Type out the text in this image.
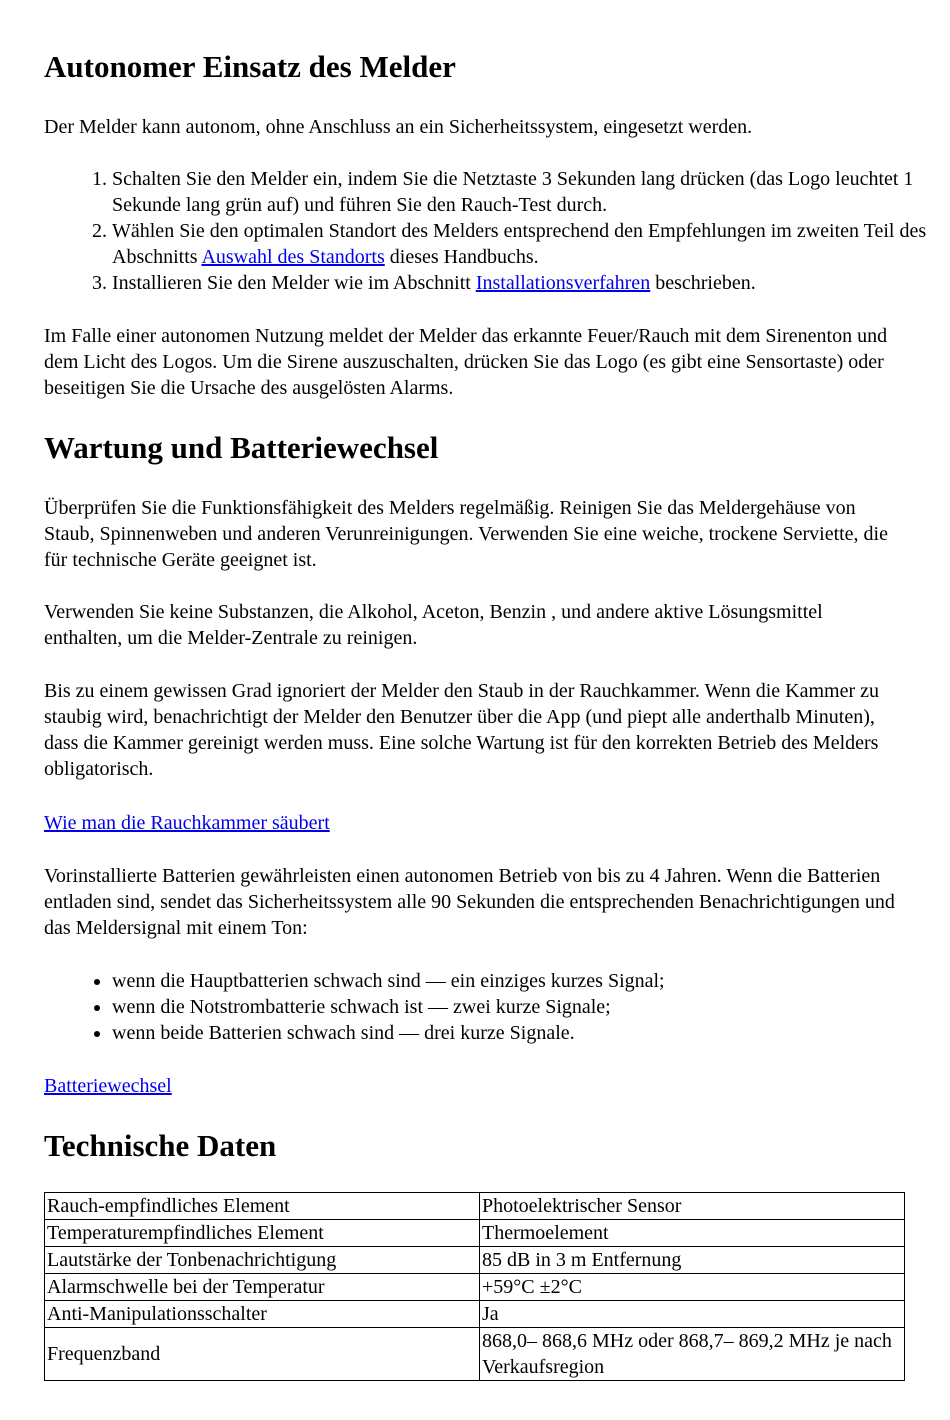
Autonomer Einsatz des Melder

Der Melder kann autonom, ohne Anschluss an ein Sicherheitssystem, eingesetzt werden.

1. Schalten Sie den Melder ein, indem Sie die Netztaste 3 Sekunden lang drücken (das Logo leuchtet 1 Sekunde lang grün auf) und führen Sie den Rauch-Test durch.
2. Wählen Sie den optimalen Standort des Melders entsprechend den Empfehlungen im zweiten Teil des Abschnitts Auswahl des Standorts dieses Handbuchs.
3. Installieren Sie den Melder wie im Abschnitt Installationsverfahren beschrieben.

Im Falle einer autonomen Nutzung meldet der Melder das erkannte Feuer/Rauch mit dem Sirenenton und dem Licht des Logos. Um die Sirene auszuschalten, drücken Sie das Logo (es gibt eine Sensortaste) oder beseitigen Sie die Ursache des ausgelösten Alarms.

Wartung und Batteriewechsel

Überprüfen Sie die Funktionsfähigkeit des Melders regelmäßig. Reinigen Sie das Meldergehäuse von Staub, Spinnenweben und anderen Verunreinigungen. Verwenden Sie eine weiche, trockene Serviette, die für technische Geräte geeignet ist.

Verwenden Sie keine Substanzen, die Alkohol, Aceton, Benzin , und andere aktive Lösungsmittel enthalten, um die Melder-Zentrale zu reinigen.

Bis zu einem gewissen Grad ignoriert der Melder den Staub in der Rauchkammer. Wenn die Kammer zu staubig wird, benachrichtigt der Melder den Benutzer über die App (und piept alle anderthalb Minuten), dass die Kammer gereinigt werden muss. Eine solche Wartung ist für den korrekten Betrieb des Melders obligatorisch.

Wie man die Rauchkammer säubert

Vorinstallierte Batterien gewährleisten einen autonomen Betrieb von bis zu 4 Jahren. Wenn die Batterien entladen sind, sendet das Sicherheitssystem alle 90 Sekunden die entsprechenden Benachrichtigungen und das Meldersignal mit einem Ton:

• wenn die Hauptbatterien schwach sind — ein einziges kurzes Signal;
• wenn die Notstrombatterie schwach ist — zwei kurze Signale;
• wenn beide Batterien schwach sind — drei kurze Signale.

Batteriewechsel

Technische Daten
Rauch-empfindliches Element	Photoelektrischer Sensor
Temperaturempfindliches Element	Thermoelement
Lautstärke der Tonbenachrichtigung	85 dB in 3 m Entfernung
Alarmschwelle bei der Temperatur	+59°C ±2°C
Anti-Manipulationsschalter	Ja
Frequenzband	868,0– 868,6 MHz oder 868,7– 869,2 MHz je nach Verkaufsregion
